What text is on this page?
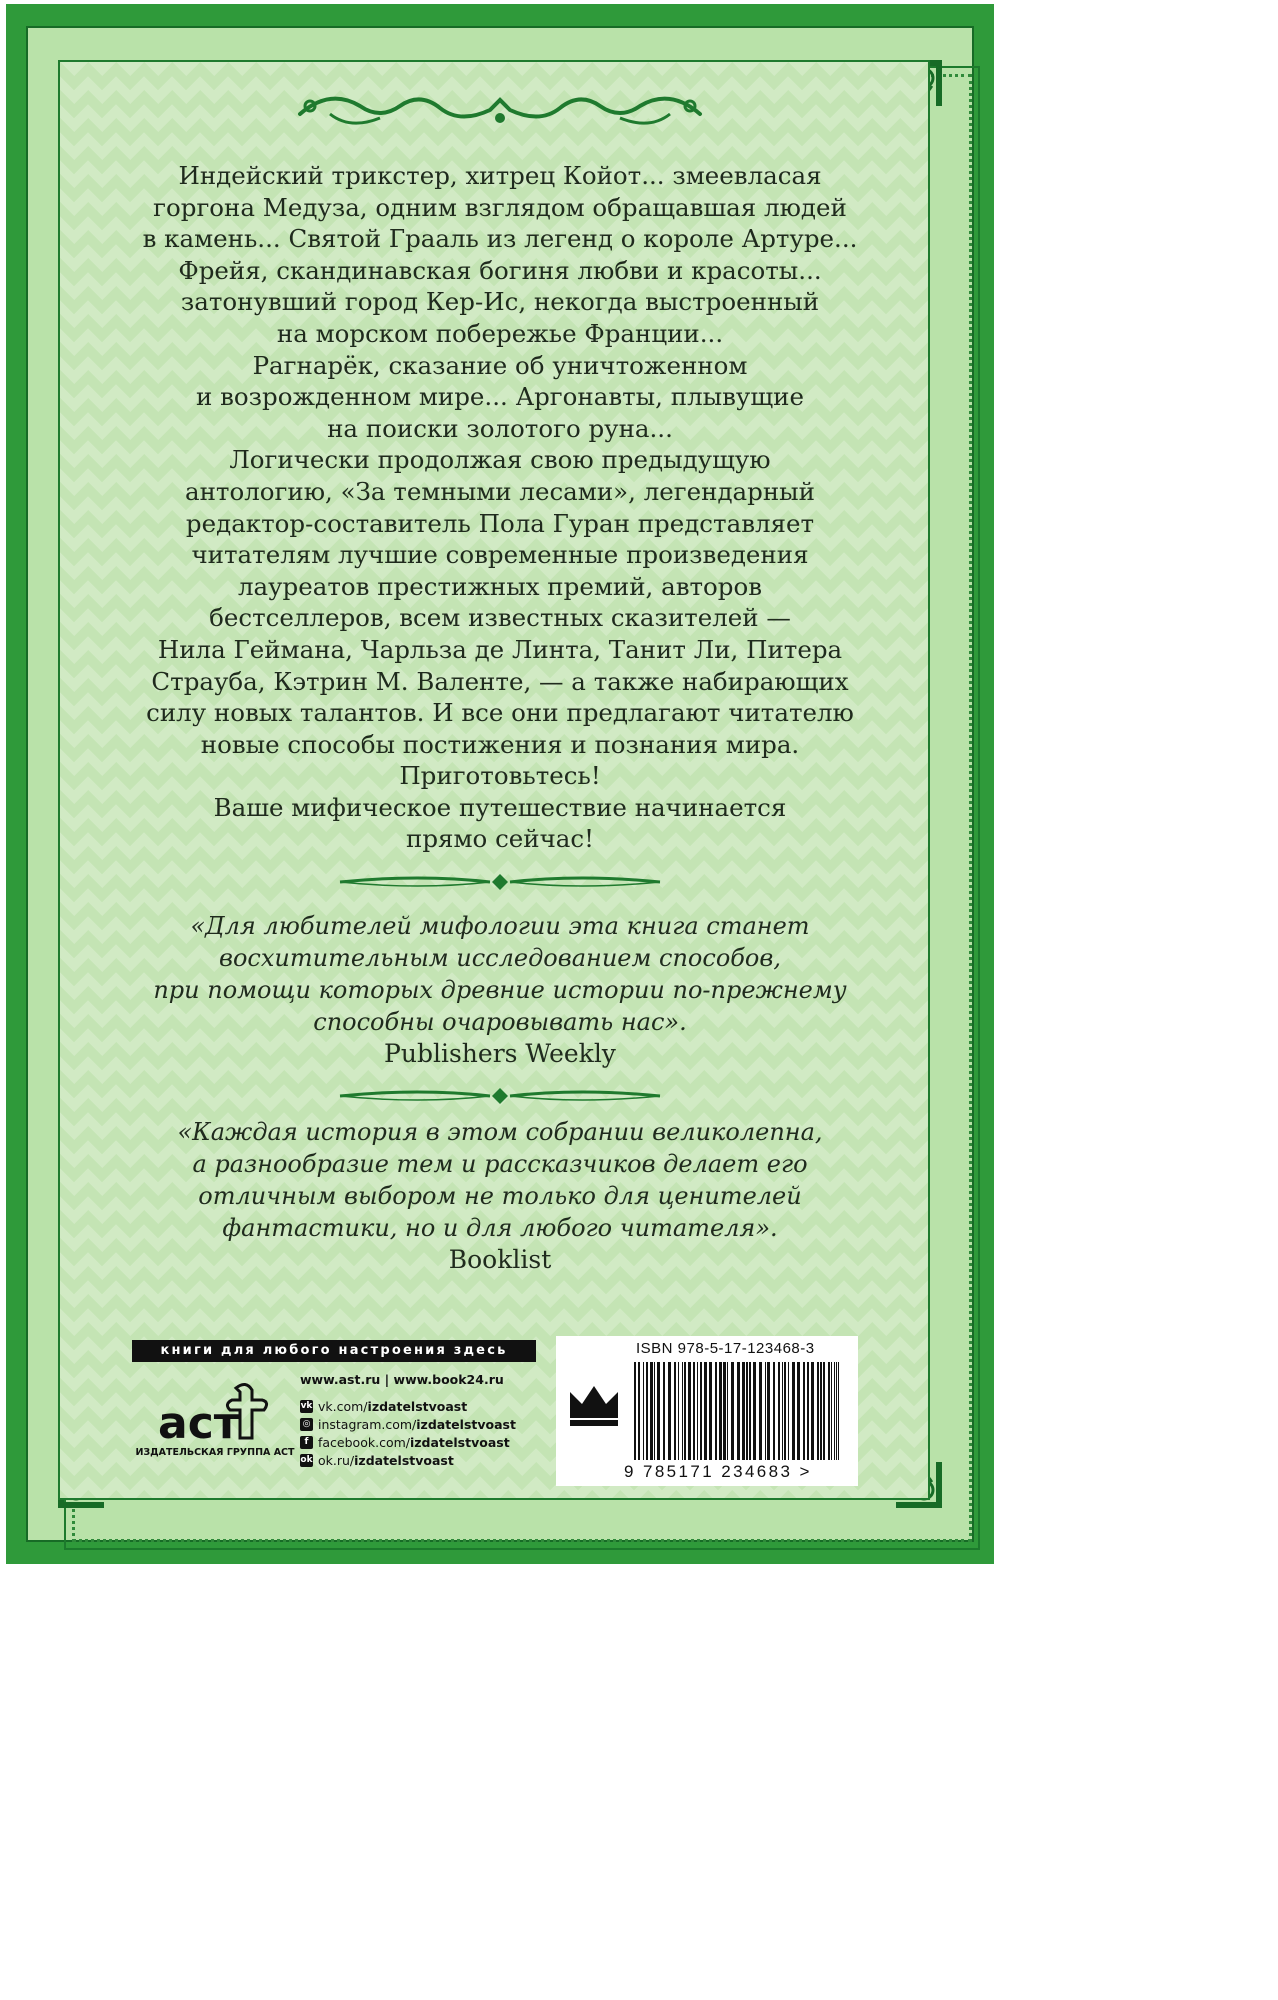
Индейский трикстер, хитрец Койот... змеевласая
горгона Медуза, одним взглядом обращавшая людей
в камень... Святой Грааль из легенд о короле Артуре...
Фрейя, скандинавская богиня любви и красоты...
затонувший город Кер-Ис, некогда выстроенный
на морском побережье Франции...
Рагнарёк, сказание об уничтоженном
и возрожденном мире... Аргонавты, плывущие
на поиски золотого руна...
Логически продолжая свою предыдущую
антологию, «За темными лесами», легендарный
редактор-составитель Пола Гуран представляет
читателям лучшие современные произведения
лауреатов престижных премий, авторов
бестселлеров, всем известных сказителей —
Нила Геймана, Чарльза де Линта, Танит Ли, Питера
Страуба, Кэтрин М. Валенте, — а также набирающих
силу новых талантов. И все они предлагают читателю
новые способы постижения и познания мира.
Приготовьтесь!
Ваше мифическое путешествие начинается
прямо сейчас!
«Для любителей мифологии эта книга станет
восхитительным исследованием способов,
при помощи которых древние истории по-прежнему
способны очаровывать нас».
Publishers Weekly
«Каждая история в этом собрании великолепна,
а разнообразие тем и рассказчиков делает его
отличным выбором не только для ценителей
фантастики, но и для любого читателя».
Booklist
книги для любого настроения здесь
аст
ИЗДАТЕЛЬСКАЯ ГРУППА АСТ
www.ast.ru | www.book24.ru
vk vk.com/ izdatelstvoast
◎ instagram.com/ izdatelstvoast
f facebook.com/ izdatelstvoast
ok ok.ru/ izdatelstvoast
ISBN 978-5-17-123468-3
9 785171 234683 >
